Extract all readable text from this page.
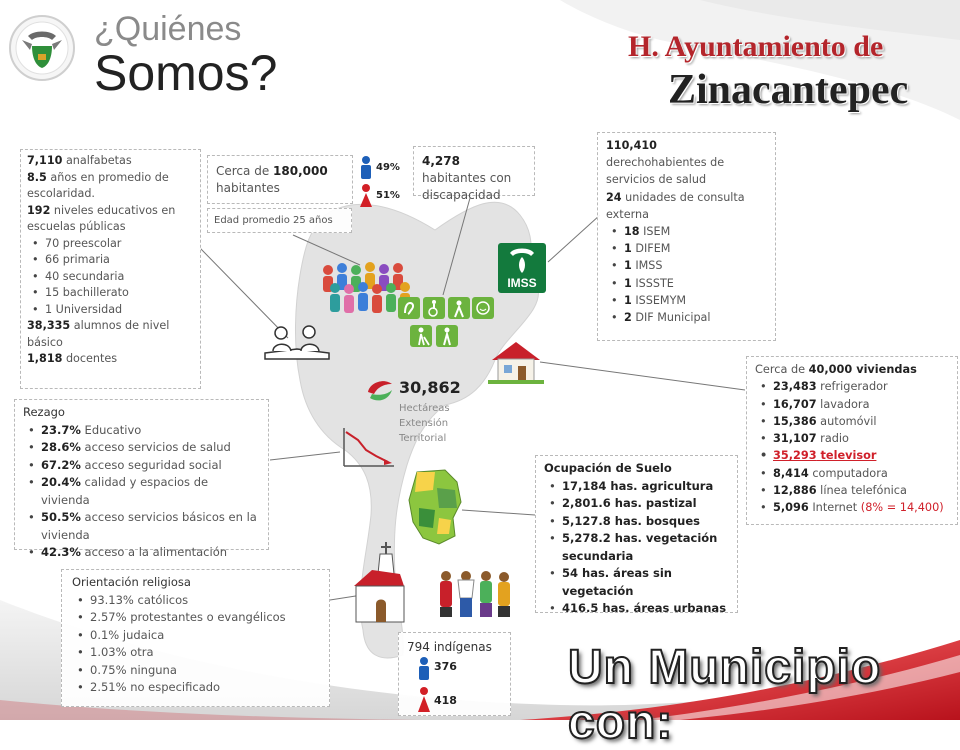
¿Quiénes
Somos?	H. Ayuntamiento de
Zinacantepec
7,110 analfabetas
8.5 años en promedio de escolaridad.
192 niveles educativos en escuelas públicas
• 70 preescolar
• 66 primaria
• 40 secundaria
• 15 bachillerato
• 1 Universidad
38,335 alumnos de nivel básico
1,818 docentes
Cerca de 180,000 habitantes
49%
51%
Edad promedio 25 años
4,278 habitantes con discapacidad
110,410
derechohabientes de servicios de salud
24 unidades de consulta externa
• 18 ISEM
• 1 DIFEM
• 1 IMSS
• 1 ISSSTE
• 1 ISSEMYM
• 2 DIF Municipal
Cerca de 40,000 viviendas
• 23,483 refrigerador
• 16,707 lavadora
• 15,386 automóvil
• 31,107 radio
• 35,293 televisor
• 8,414 computadora
• 12,886 línea telefónica
• 5,096 Internet (8% = 14,400)
Rezago
• 23.7% Educativo
• 28.6% acceso servicios de salud
• 67.2% acceso seguridad social
• 20.4% calidad y espacios de vivienda
• 50.5% acceso servicios básicos en la vivienda
• 42.3% acceso a la alimentación
Ocupación de Suelo
• 17,184 has. agricultura
• 2,801.6 has. pastizal
• 5,127.8 has. bosques
• 5,278.2 has. vegetación secundaria
• 54 has. áreas sin vegetación
• 416.5 has. áreas urbanas
Orientación religiosa
• 93.13% católicos
• 2.57% protestantes o evangélicos
• 0.1% judaica
• 1.03% otra
• 0.75% ninguna
• 2.51% no especificado
794 indígenas
376
418
IMSS
30,862
Hectáreas
Extensión
Territorial
Un Municipio con:
